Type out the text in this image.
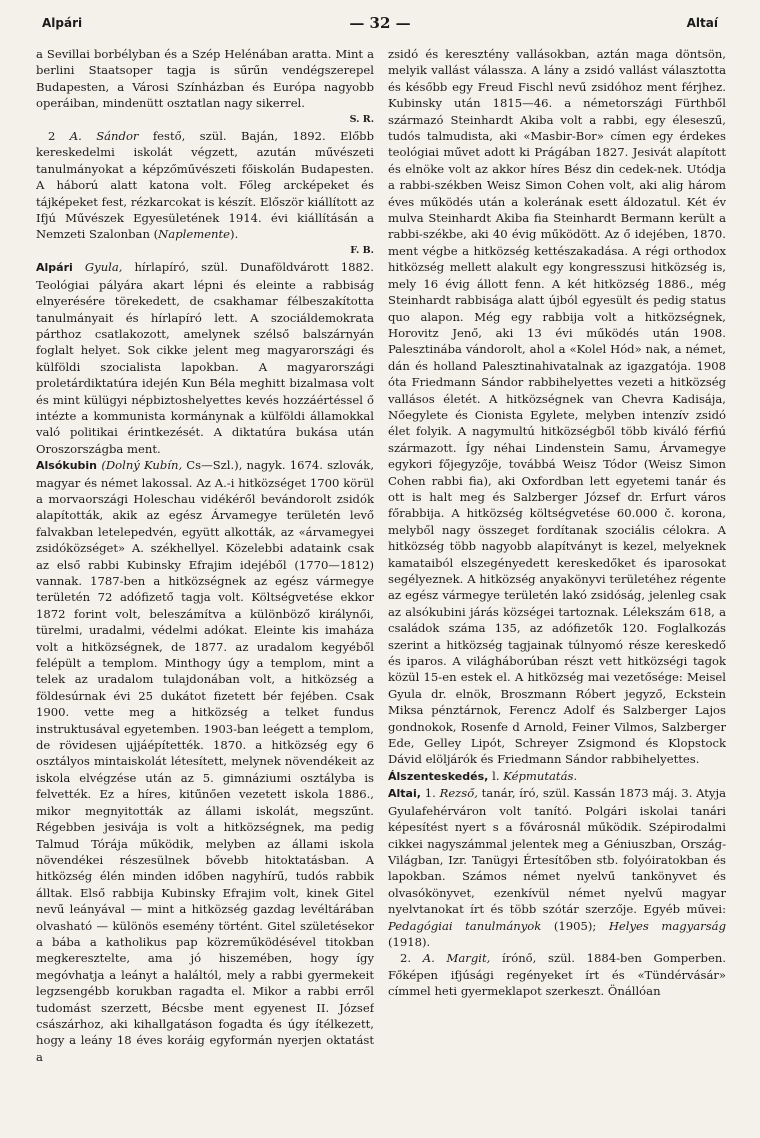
Alpári	— 32 —	Altaí

a Sevillai borbélyban és a Szép Helénában aratta. Mint a berlini Staatsoper tagja is sűrűn vendégszerepel Budapesten, a Városi Színházban és Európa nagyobb operáiban, mindenütt osztatlan nagy sikerrel.
S. R.

2 A. Sándor festő, szül. Baján, 1892. Előbb kereskedelmi iskolát végzett, azután művészeti tanulmányokat a képzőművészeti főiskolán Budapesten. A háború alatt katona volt. Főleg arcképeket és tájképeket fest, rézkarcokat is készít. Először kiállított az Ifjú Művészek Egyesületének 1914. évi kiállításán a Nemzeti Szalonban (Naplemente).
F. B.

Alpári Gyula, hírlapíró, szül. Dunaföldvárott 1882. Teológiai pályára akart lépni és eleinte a rabbiság elnyerésére törekedett, de csakhamar félbeszakította tanulmányait és hírlapíró lett. A szociáldemokrata párthoz csatlakozott, amelynek szélső balszárnyán foglalt helyet. Sok cikke jelent meg magyarországi és külföldi szocialista lapokban. A magyarországi proletárdiktatúra idején Kun Béla meghitt bizalmasa volt és mint külügyi népbiztoshelyettes kevés hozzáértéssel ő intézte a kommunista kormánynak a külföldi államokkal való politikai érintkezését. A diktatúra bukása után Oroszországba ment.

Alsókubin (Dolný Kubín, Cs—Szl.), nagyk. 1674. szlovák, magyar és német lakossal. Az A.-i hitközséget 1700 körül a morvaországi Holeschau vidékéről bevándorolt zsidók alapították, akik az egész Árvamegye területén levő falvakban letelepedvén, együtt alkották, az «árvamegyei zsidóközséget» A. székhellyel. Közelebbi adataink csak az első rabbi Kubinsky Efrajim idejéből (1770—1812) vannak. 1787-ben a hitközségnek az egész vármegye területén 72 adófizető tagja volt. Költségvetése ekkor 1872 forint volt, beleszámítva a különböző királynői, türelmi, uradalmi, védelmi adókat. Eleinte kis imaháza volt a hitközségnek, de 1877. az uradalom kegyéből felépült a templom. Minthogy úgy a templom, mint a telek az uradalom tulajdonában volt, a hitközség a földesúrnak évi 25 dukátot fizetett bér fejében. Csak 1900. vette meg a hitközség a telket fundus instruktusával egyetemben. 1903-ban leégett a templom, de rövidesen ujjáépítették. 1870. a hitközség egy 6 osztályos mintaiskolát létesített, melynek növendékeit az iskola elvégzése után az 5. gimnáziumi osztályba is felvették. Ez a híres, kitűnően vezetett iskola 1886., mikor megnyitották az állami iskolát, megszűnt. Régebben jesivája is volt a hitközségnek, ma pedig Talmud Tórája működik, melyben az állami iskola növendékei részesülnek bővebb hitoktatásban. A hitközség élén minden időben nagyhírű, tudós rabbik álltak. Első rabbija Kubinsky Efrajim volt, kinek Gitel nevű leányával — mint a hitközség gazdag levéltárában olvasható — különös esemény történt. Gitel születésekor a bába a katholikus pap közreműködésével titokban megkeresztelte, ama jó hiszemében, hogy így megóvhatja a leányt a haláltól, mely a rabbi gyermekeit legzsengébb korukban ragadta el. Mikor a rabbi erről tudomást szerzett, Bécsbe ment egyenest II. József császárhoz, aki kihallgatáson fogadta és úgy ítélkezett, hogy a leány 18 éves koráig egyformán nyerjen oktatást a

zsidó és keresztény vallásokban, aztán maga döntsön, melyik vallást válassza. A lány a zsidó vallást választotta és később egy Freud Fischl nevű zsidóhoz ment férjhez. Kubinsky után 1815—46. a németországi Fürthből származó Steinhardt Akiba volt a rabbi, egy éleseszű, tudós talmudista, aki «Masbir-Bor» címen egy érdekes teológiai művet adott ki Prágában 1827. Jesivát alapított és elnöke volt az akkor híres Bész din cedek-nek. Utódja a rabbi-székben Weisz Simon Cohen volt, aki alig három éves működés után a kolerának esett áldozatul. Két év mulva Steinhardt Akiba fia Steinhardt Bermann került a rabbi-székbe, aki 40 évig működött. Az ő idejében, 1870. ment végbe a hitközség kettészakadása. A régi orthodox hitközség mellett alakult egy kongresszusi hitközség is, mely 16 évig állott fenn. A két hitközség 1886., még Steinhardt rabbisága alatt újból egyesült és pedig status quo alapon. Még egy rabbija volt a hitközségnek, Horovitz Jenő, aki 13 évi működés után 1908. Palesztinába vándorolt, ahol a «Kolel Hód» nak, a német, dán és holland Palesztinahivatalnak az igazgatója. 1908 óta Friedmann Sándor rabbihelyettes vezeti a hitközség vallásos életét. A hitközségnek van Chevra Kadisája, Nőegylete és Cionista Egylete, melyben intenzív zsidó élet folyik. A nagymultú hitközségből több kiváló férfiú származott. Így néhai Lindenstein Samu, Árvamegye egykori főjegyzője, továbbá Weisz Tódor (Weisz Simon Cohen rabbi fia), aki Oxfordban lett egyetemi tanár és ott is halt meg és Salzberger József dr. Erfurt város főrabbija. A hitközség költségvetése 60.000 č. korona, melyből nagy összeget fordítanak szociális célokra. A hitközség több nagyobb alapítványt is kezel, melyeknek kamataiból elszegényedett kereskedőket és iparosokat segélyeznek. A hitközség anyakönyvi területéhez régente az egész vármegye területén lakó zsidóság, jelenleg csak az alsókubini járás községei tartoznak. Lélekszám 618, a családok száma 135, az adófizetők 120. Foglalkozás szerint a hitközség tagjainak túlnyomó része kereskedő és iparos. A világháborúban részt vett hitközségi tagok közül 15-en estek el. A hitközség mai vezetősége: Meisel Gyula dr. elnök, Broszmann Róbert jegyző, Eckstein Miksa pénztárnok, Ferencz Adolf és Salzberger Lajos gondnokok, Rosenfe d Arnold, Feiner Vilmos, Salzberger Ede, Gelley Lipót, Schreyer Zsigmond és Klopstock Dávid elöljárók és Friedmann Sándor rabbihelyettes.

Álszenteskedés, l. Képmutatás.

Altai, 1. Rezső, tanár, író, szül. Kassán 1873 máj. 3. Atyja Gyulafehérváron volt tanító. Polgári iskolai tanári képesítést nyert s a fővárosnál működik. Szépirodalmi cikkei nagyszámmal jelentek meg a Géniuszban, Ország-Világban, Izr. Tanügyi Értesítőben stb. folyóiratokban és lapokban. Számos német nyelvű tankönyvet és olvasókönyvet, ezenkívül német nyelvű magyar nyelvtanokat írt és több szótár szerzője. Egyéb művei: Pedagógiai tanulmányok (1905); Helyes magyarság (1918).

2. A. Margit, írónő, szül. 1884-ben Gomperben. Főképen ifjúsági regényeket írt és «Tündérvásár» címmel heti gyermeklapot szerkeszt. Önállóan
